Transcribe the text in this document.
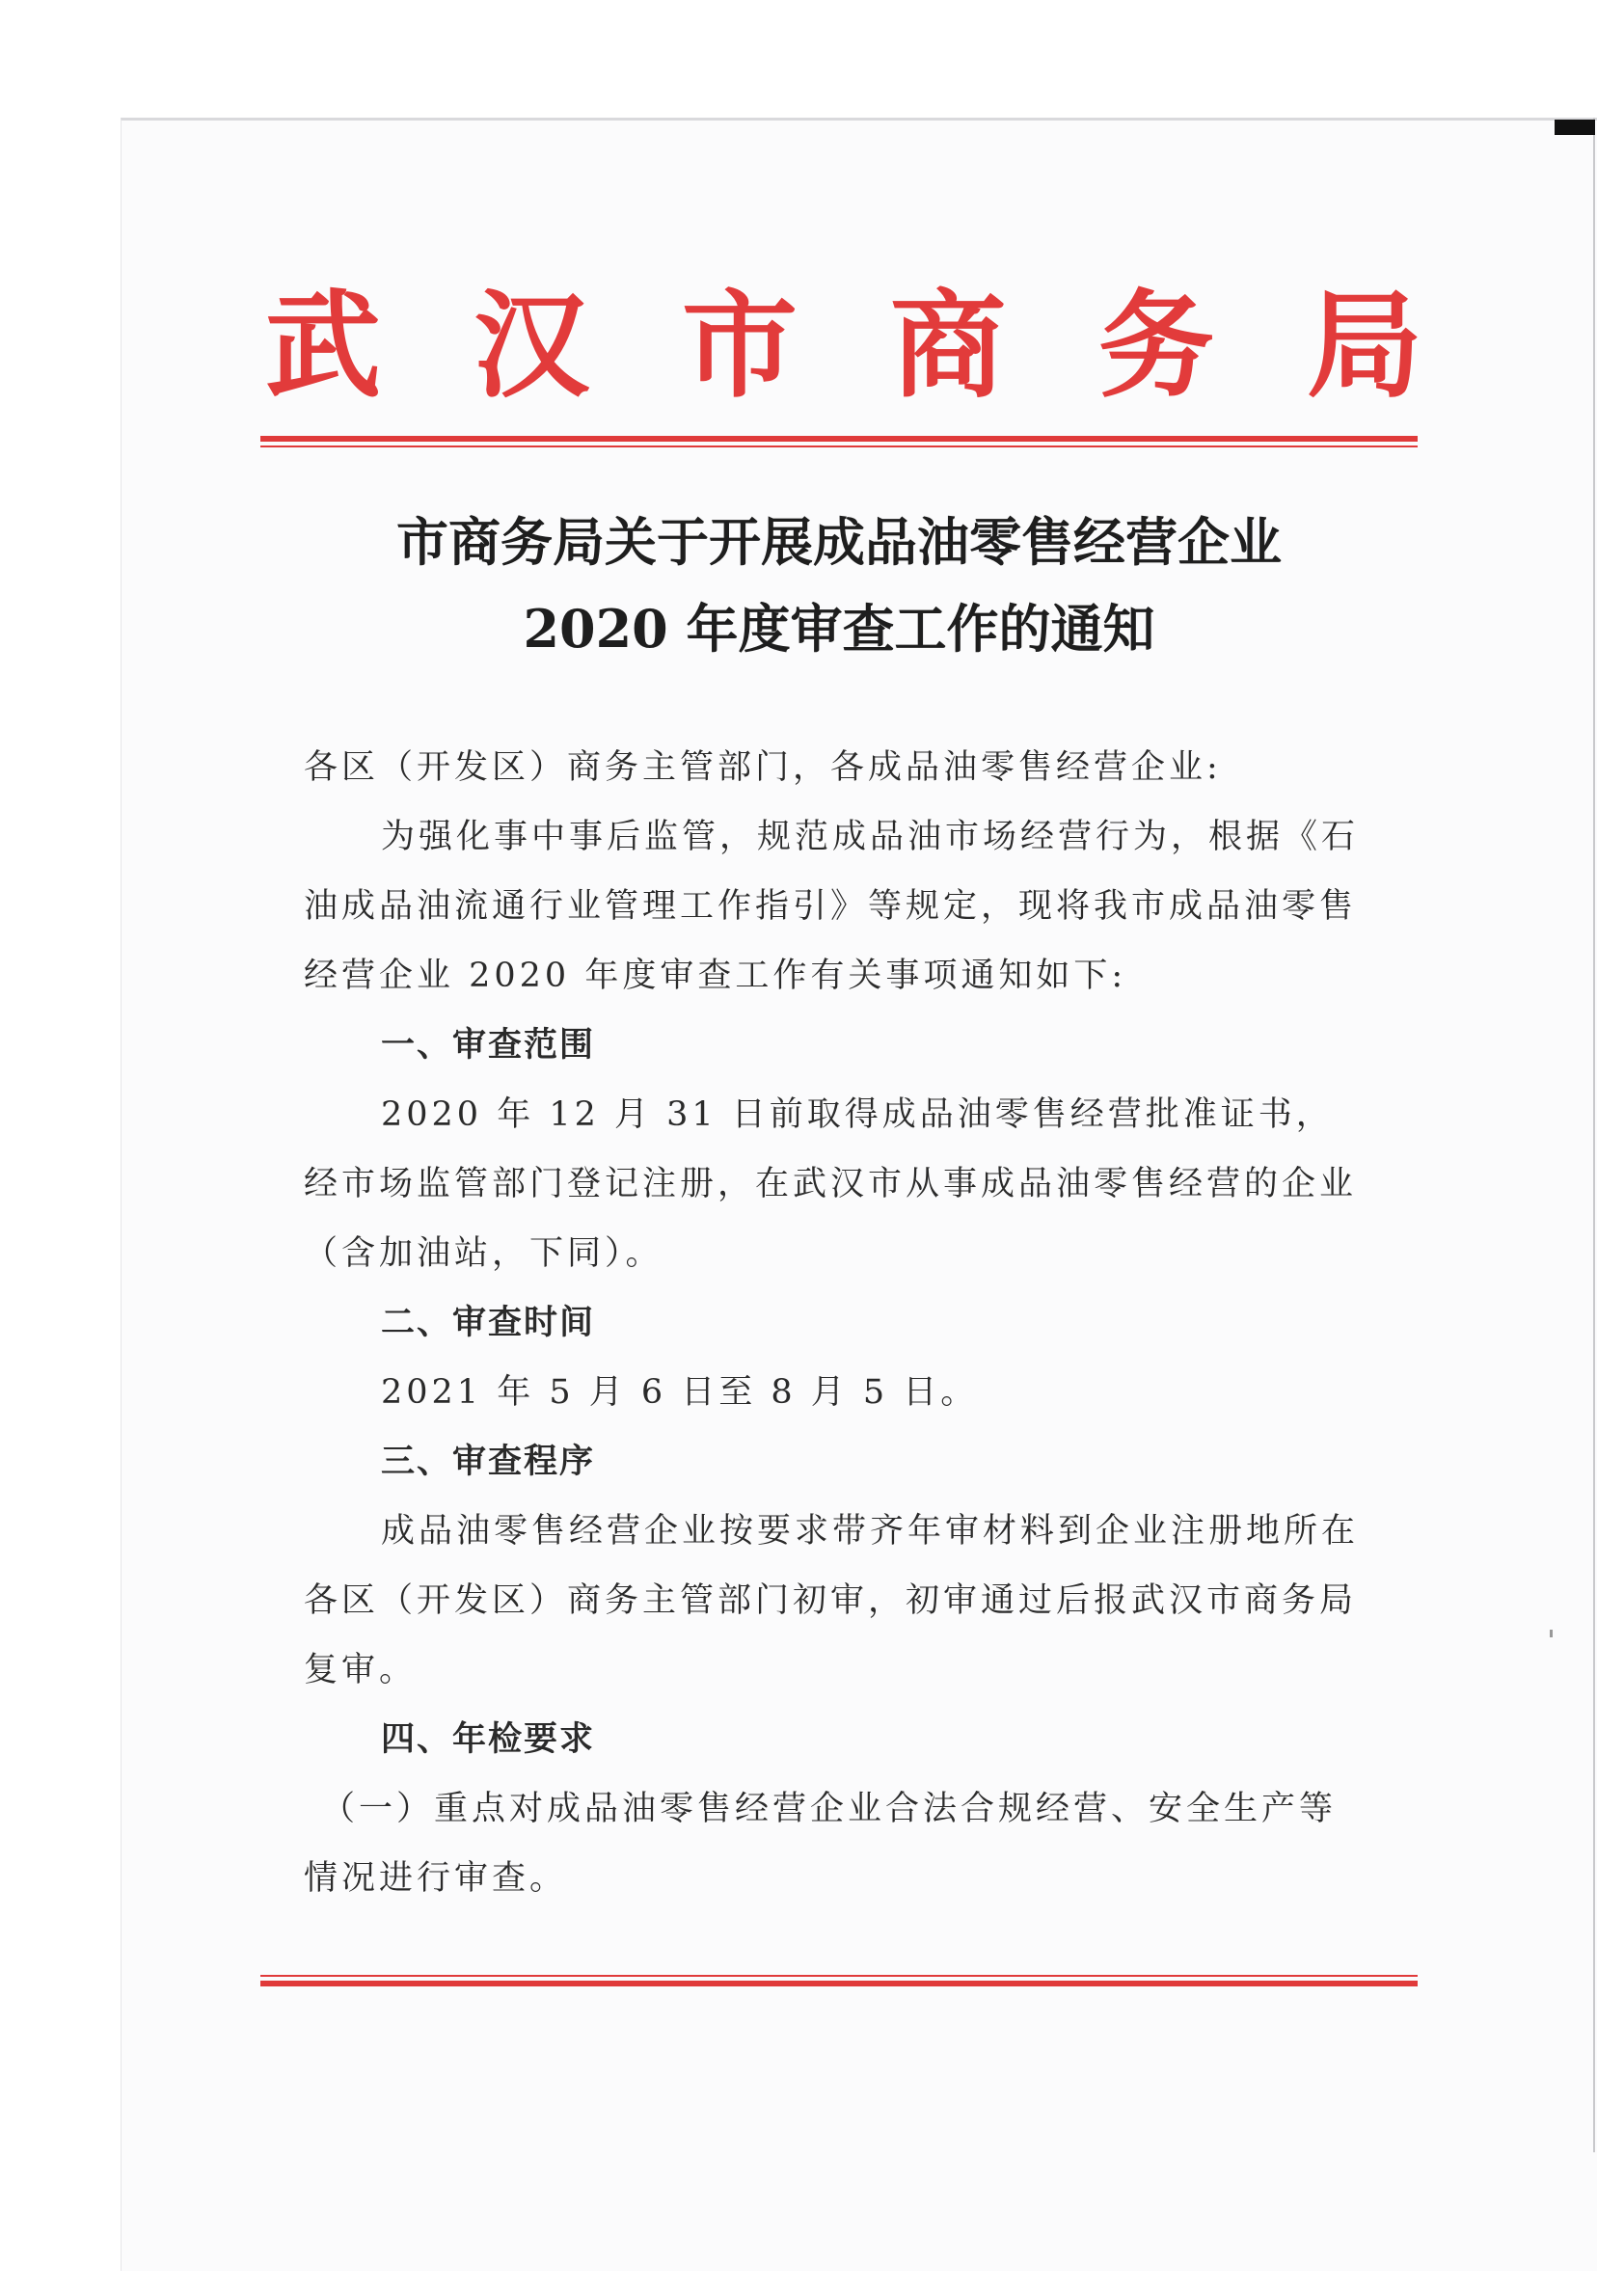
武 汉 市 商 务 局
市商务局关于开展成品油零售经营企业
2020 年度审查工作的通知

各区（开发区）商务主管部门，各成品油零售经营企业:

为强化事中事后监管，规范成品油市场经营行为，根据《石油成品油流通行业管理工作指引》等规定，现将我市成品油零售经营企业 2020 年度审查工作有关事项通知如下:

一、审查范围

2020 年 12 月 31 日前取得成品油零售经营批准证书，经市场监管部门登记注册，在武汉市从事成品油零售经营的企业（含加油站，下同）。

二、审查时间

2021 年 5 月 6 日至 8 月 5 日。

三、审查程序

成品油零售经营企业按要求带齐年审材料到企业注册地所在各区（开发区）商务主管部门初审，初审通过后报武汉市商务局复审。

四、年检要求

（一）重点对成品油零售经营企业合法合规经营、安全生产等情况进行审查。
